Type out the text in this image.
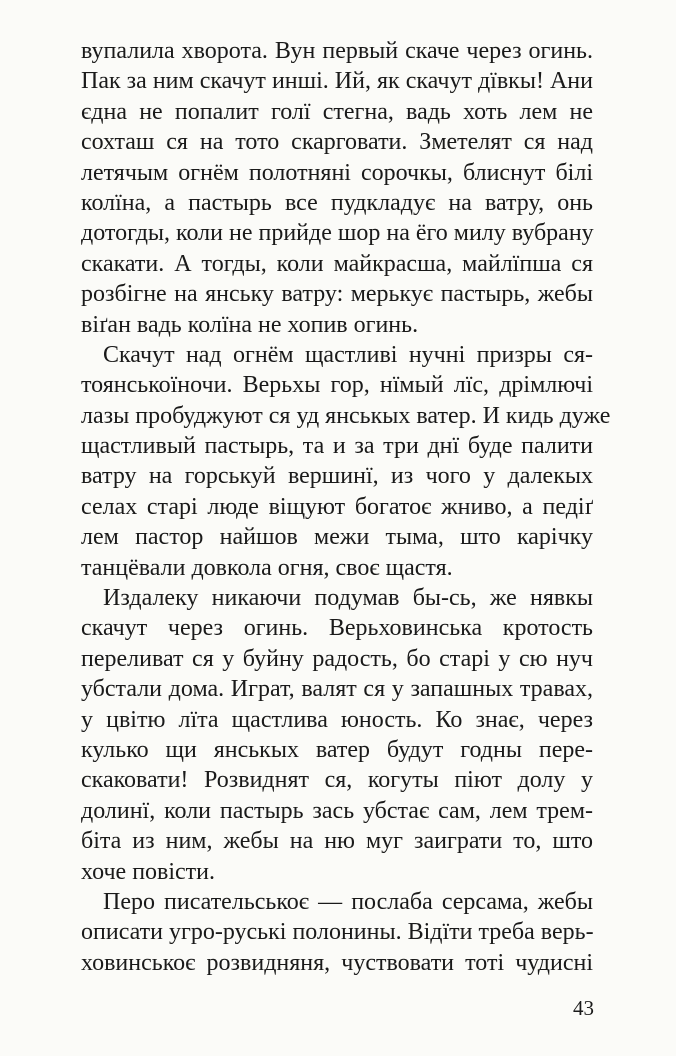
вупалила хворота. Вун первый скаче через огинь.
Пак за ним скачут инші. Ий, як скачут дївкы! Ани
єдна не попалит голї стегна, вадь хоть лем не
сохташ ся на тото скарговати. Зметелят ся над
летячым огнём полотняні сорочкы, блиснут білі
колїна, а пастырь все пудкладує на ватру, онь
дотогды, коли не прийде шор на ёго милу вубрану
скакати. А тогды, коли майкрасша, майлїпша ся
розбігне на янську ватру: мерькує пастырь, жебы
віґан вадь колїна не хопив огинь.
Скачут над огнём щастливі нучні призры ся-
тоянськоїночи. Верьхы гор, нїмый лїс, дрімлючі
лазы пробуджуют ся уд янськых ватер. И кидь дуже
щастливый пастырь, та и за три днї буде палити
ватру на горськуй вершинї, из чого у далекых
селах старі люде віщуют богатоє жниво, а педіґ
лем пастор найшов межи тыма, што карічку
танцёвали довкола огня, своє щастя.
Издалеку никаючи подумав бы-сь, же нявкы
скачут через огинь. Верьховинська кротость
переливат ся у буйну радость, бо старі у сю нуч
убстали дома. Играт, валят ся у запашных травах,
у цвітю лїта щастлива юность. Ко знає, через
кулько щи янськых ватер будут годны пере-
скаковати! Розвиднят ся, когуты піют долу у
долинї, коли пастырь зась убстає сам, лем трем-
біта из ним, жебы на ню муг заиграти то, што
хоче повісти.
Перо писательськоє — послаба серсама, жебы
описати угро-руські полонины. Відїти треба верь-
ховинськоє розвидняня, чуствовати тоті чудисні
43
